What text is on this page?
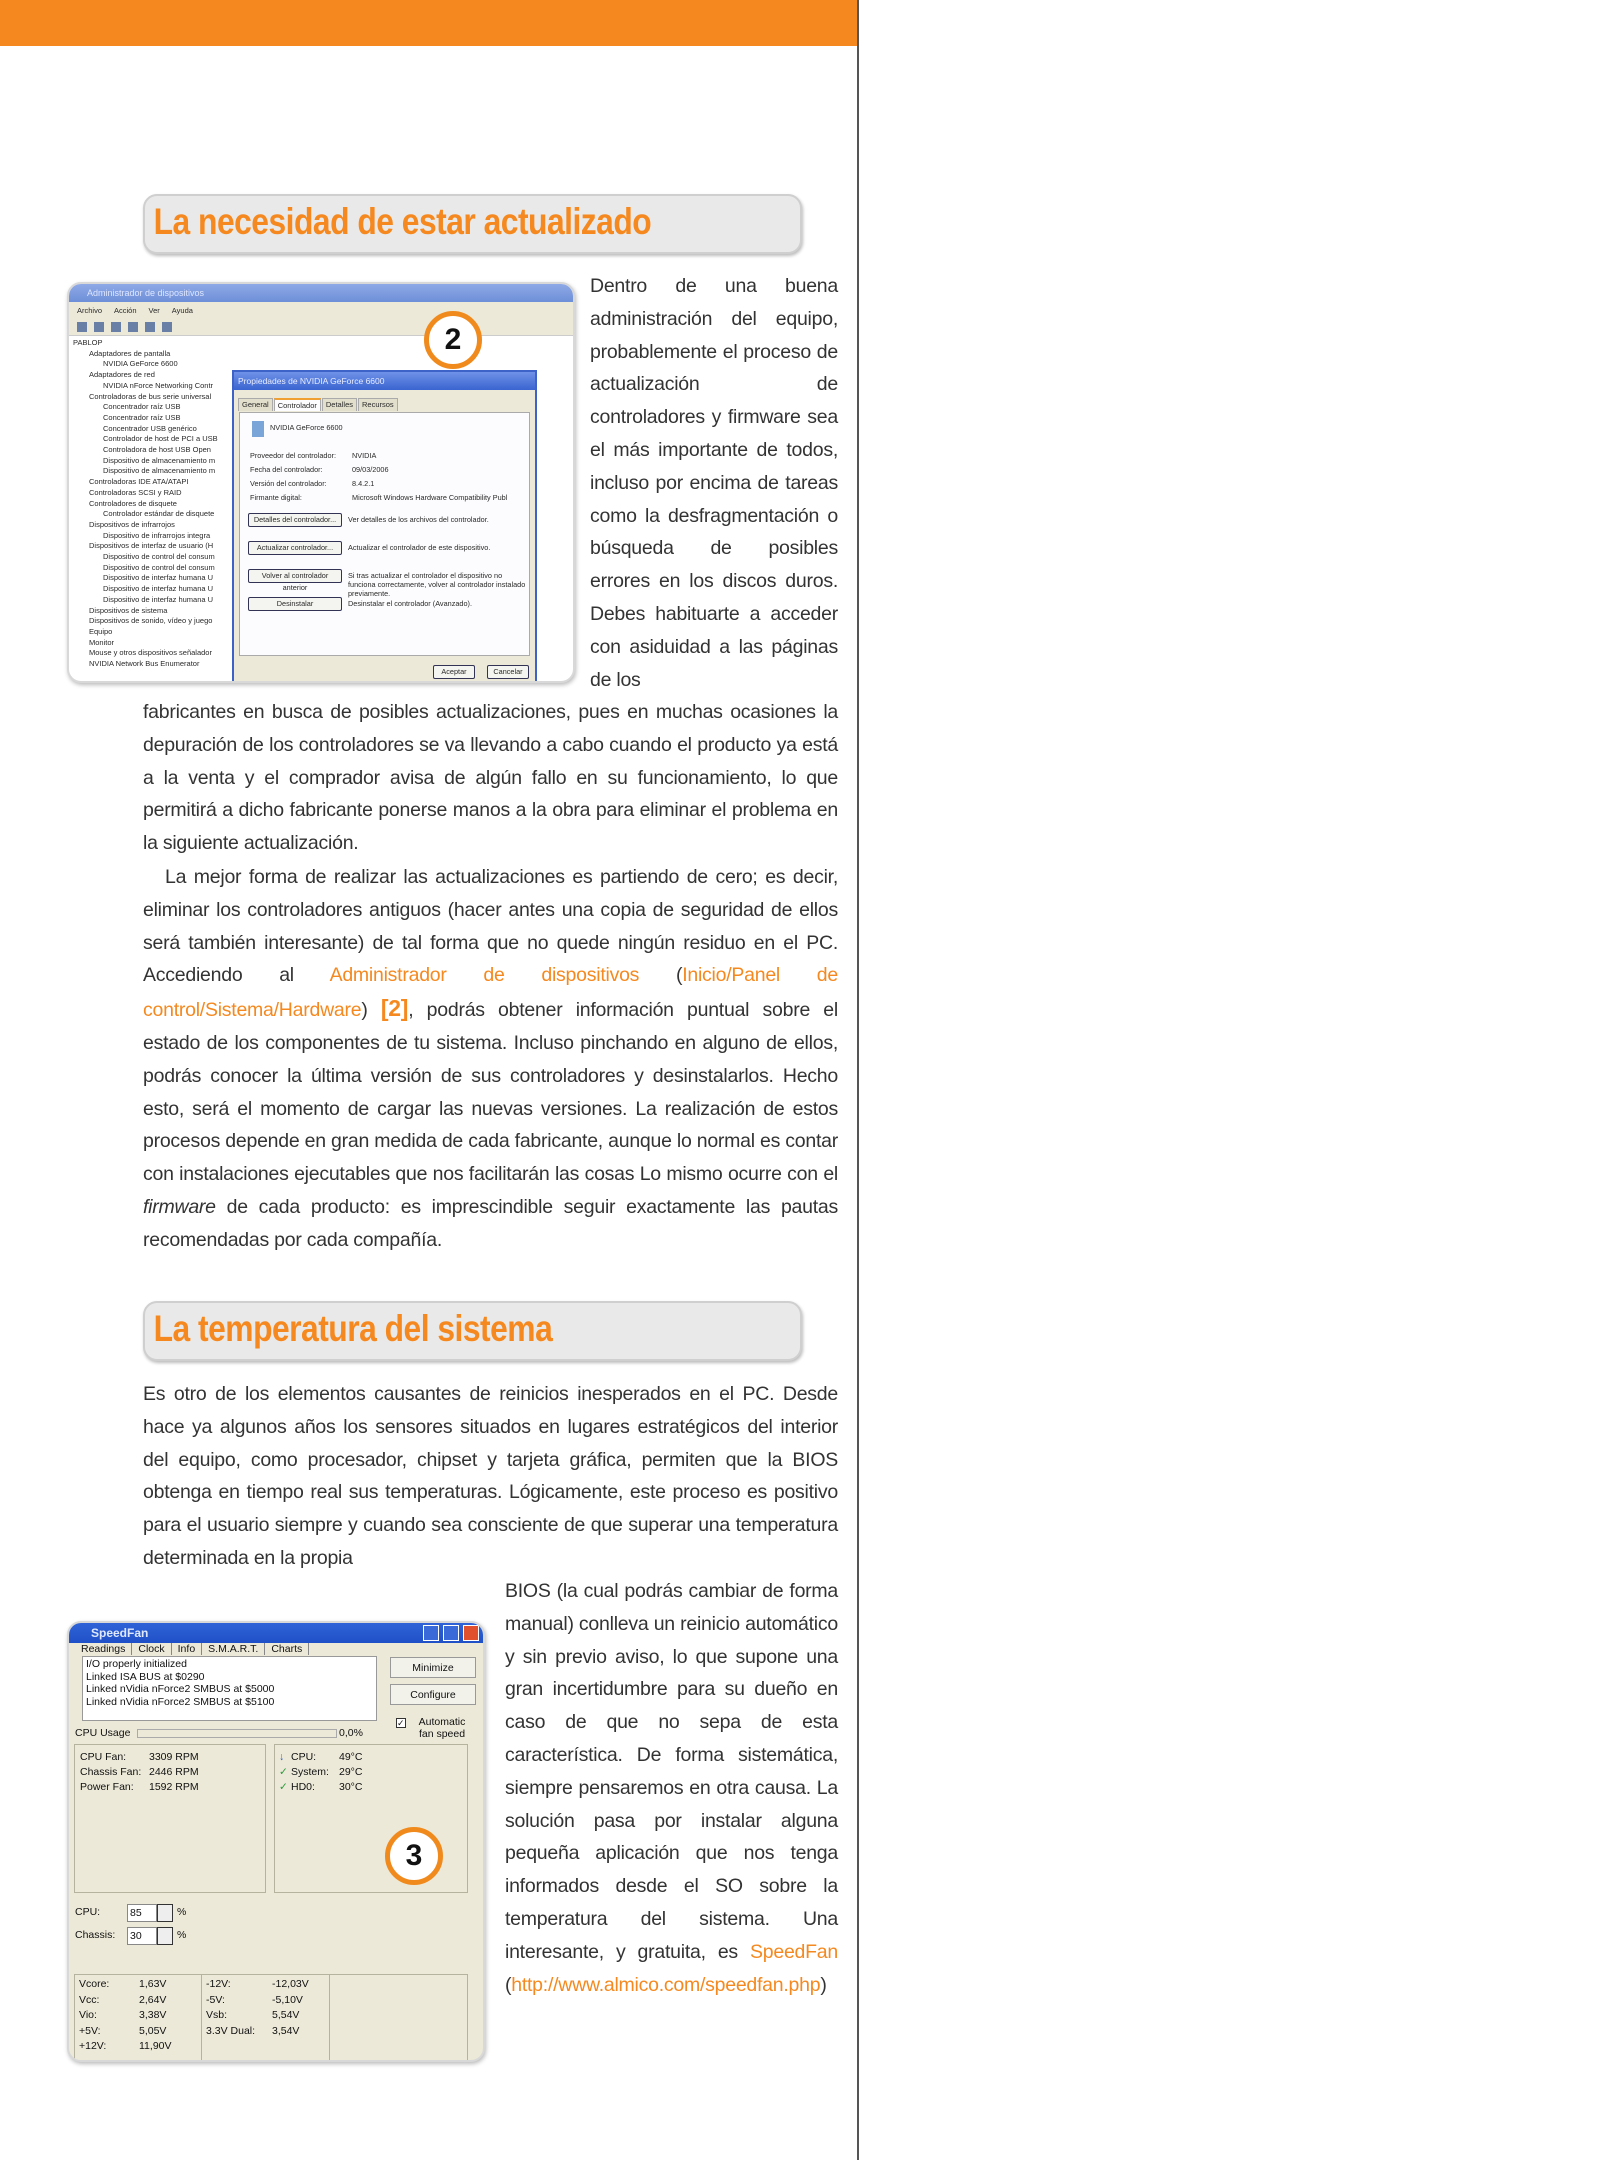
La necesidad de estar actualizado
Administrador de dispositivos
Archivo Acción Ver Ayuda
PABLOP
Adaptadores de pantalla
NVIDIA GeForce 6600
Adaptadores de red
NVIDIA nForce Networking Contr
Controladoras de bus serie universal
Concentrador raíz USB
Concentrador raíz USB
Concentrador USB genérico
Controlador de host de PCI a USB
Controladora de host USB Open
Dispositivo de almacenamiento m
Dispositivo de almacenamiento m
Controladoras IDE ATA/ATAPI
Controladoras SCSI y RAID
Controladores de disquete
Controlador estándar de disquete
Dispositivos de infrarrojos
Dispositivo de infrarrojos integra
Dispositivos de interfaz de usuario (H
Dispositivo de control del consum
Dispositivo de control del consum
Dispositivo de interfaz humana U
Dispositivo de interfaz humana U
Dispositivo de interfaz humana U
Dispositivos de sistema
Dispositivos de sonido, vídeo y juego
Equipo
Monitor
Mouse y otros dispositivos señalador
NVIDIA Network Bus Enumerator
Propiedades de NVIDIA GeForce 6600
General	Controlador	Detalles	Recursos
NVIDIA GeForce 6600
Proveedor del controlador: NVIDIA
Fecha del controlador:	09/03/2006
Versión del controlador:	8.4.2.1
Firmante digital:	Microsoft Windows Hardware Compatibility Publ
Detalles del controlador...	Ver detalles de los archivos del controlador.
Actualizar controlador...	Actualizar el controlador de este dispositivo.
Volver al controlador anterior
Si tras actualizar el controlador el dispositivo no funciona correctamente, volver al controlador instalado previamente.
Desinstalar	Desinstalar el controlador (Avanzado).
Aceptar	Cancelar
2

Dentro de una buena administración del equipo, probablemente el proceso de actualización de controladores y firmware sea el más importante de todos, incluso por encima de tareas como la desfragmentación o búsqueda de posibles errores en los discos duros. Debes habituarte a acceder con asiduidad a las páginas de los

fabricantes en busca de posibles actualizaciones, pues en muchas ocasiones la depuración de los controladores se va llevando a cabo cuando el producto ya está a la venta y el comprador avisa de algún fallo en su funcionamiento, lo que permitirá a dicho fabricante ponerse manos a la obra para eliminar el problema en la siguiente actualización.

La mejor forma de realizar las actualizaciones es partiendo de cero; es decir, eliminar los controladores antiguos (hacer antes una copia de seguridad de ellos será también interesante) de tal forma que no quede ningún residuo en el PC. Accediendo al Administrador de dispositivos (Inicio/Panel de control/Sistema/Hardware) [2], podrás obtener información puntual sobre el estado de los componentes de tu sistema. Incluso pinchando en alguno de ellos, podrás conocer la última versión de sus controladores y desinstalarlos. Hecho esto, será el momento de cargar las nuevas versiones. La realización de estos procesos depende en gran medida de cada fabricante, aunque lo normal es contar con instalaciones ejecutables que nos facilitarán las cosas Lo mismo ocurre con el firmware de cada producto: es imprescindible seguir exactamente las pautas recomendadas por cada compañía.

La temperatura del sistema

Es otro de los elementos causantes de reinicios inesperados en el PC. Desde hace ya algunos años los sensores situados en lugares estratégicos del interior del equipo, como procesador, chipset y tarjeta gráfica, permiten que la BIOS obtenga en tiempo real sus temperaturas. Lógicamente, este proceso es positivo para el usuario siempre y cuando sea consciente de que superar una temperatura determinada en la propia

BIOS (la cual podrás cambiar de forma manual) conlleva un reinicio automático y sin previo aviso, lo que supone una gran incertidumbre para su dueño en caso de que no sepa de esta característica. De forma sistemática, siempre pensaremos en otra causa. La solución pasa por instalar alguna pequeña aplicación que nos tenga informados desde el SO sobre la temperatura del sistema. Una interesante, y gratuita, es SpeedFan (http://www.almico.com/speedfan.php)

SpeedFan
Readings	Clock	Info	S.M.A.R.T.	Charts
I/O properly initialized
Linked ISA BUS at $0290
Linked nVidia nForce2 SMBUS at $5000
Linked nVidia nForce2 SMBUS at $5100
Minimize
Configure
✓	Automatic fan speed
CPU Usage	0,0%
CPU Fan: 3309 RPM
Chassis Fan: 2446 RPM
Power Fan: 1592 RPM
↓ CPU: 49°C
✓ System: 29°C
✓ HD0: 30°C
3
Vcore:	1,63V
Vcc:	2,64V
Vio:	3,38V
+5V:	5,05V
+12V:	11,90V
-12V:	-12,03V
-5V:	-5,10V
Vsb:	5,54V
3.3V Dual: 3,54V
CPU:	85	%
Chassis: 30	%
